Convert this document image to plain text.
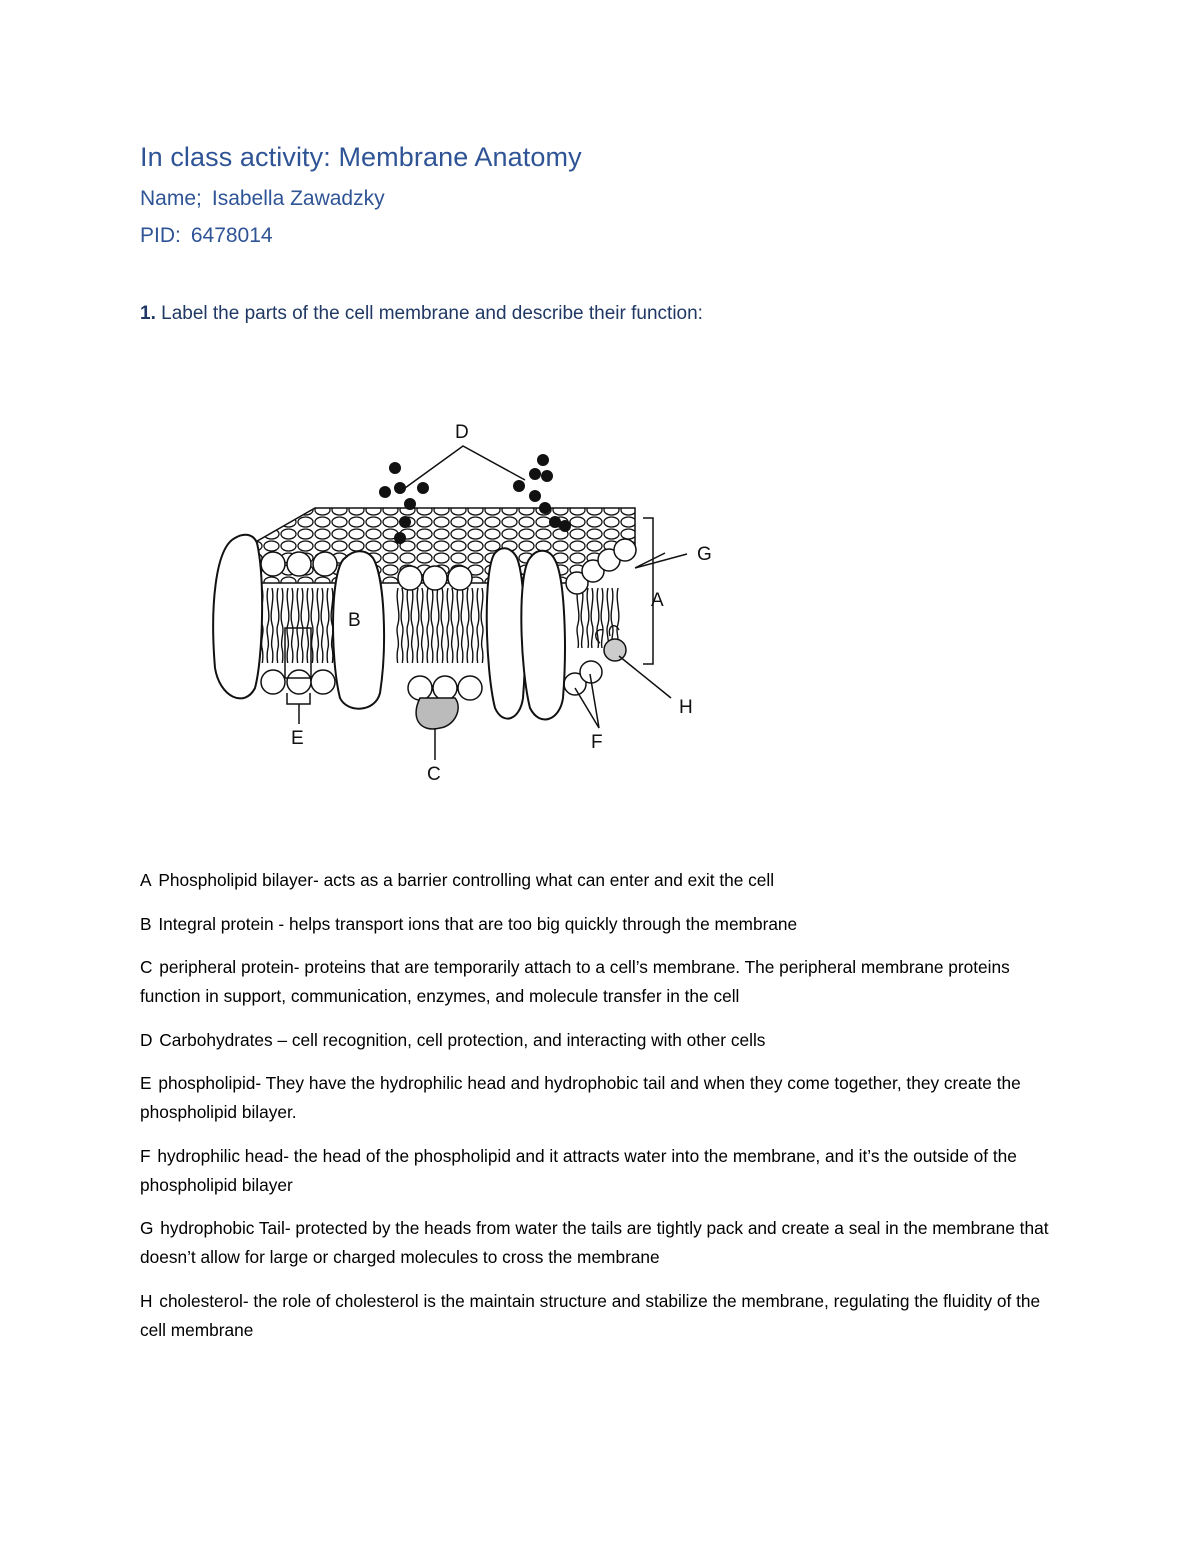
In class activity: Membrane Anatomy

Name; Isabella Zawadzky

PID: 6478014

1. Label the parts of the cell membrane and describe their function:

D
B
A
G
H
F
E
C
A Phospholipid bilayer- acts as a barrier controlling what can enter and exit the cell
B Integral protein - helps transport ions that are too big quickly through the membrane
C peripheral protein- proteins that are temporarily attach to a cell’s membrane. The peripheral membrane proteins function in support, communication, enzymes, and molecule transfer in the cell
D Carbohydrates – cell recognition, cell protection, and interacting with other cells
E phospholipid- They have the hydrophilic head and hydrophobic tail and when they come together, they create the phospholipid bilayer.
F hydrophilic head- the head of the phospholipid and it attracts water into the membrane, and it’s the outside of the phospholipid bilayer
G hydrophobic Tail- protected by the heads from water the tails are tightly pack and create a seal in the membrane that doesn’t allow for large or charged molecules to cross the membrane
H cholesterol- the role of cholesterol is the maintain structure and stabilize the membrane, regulating the fluidity of the cell membrane
